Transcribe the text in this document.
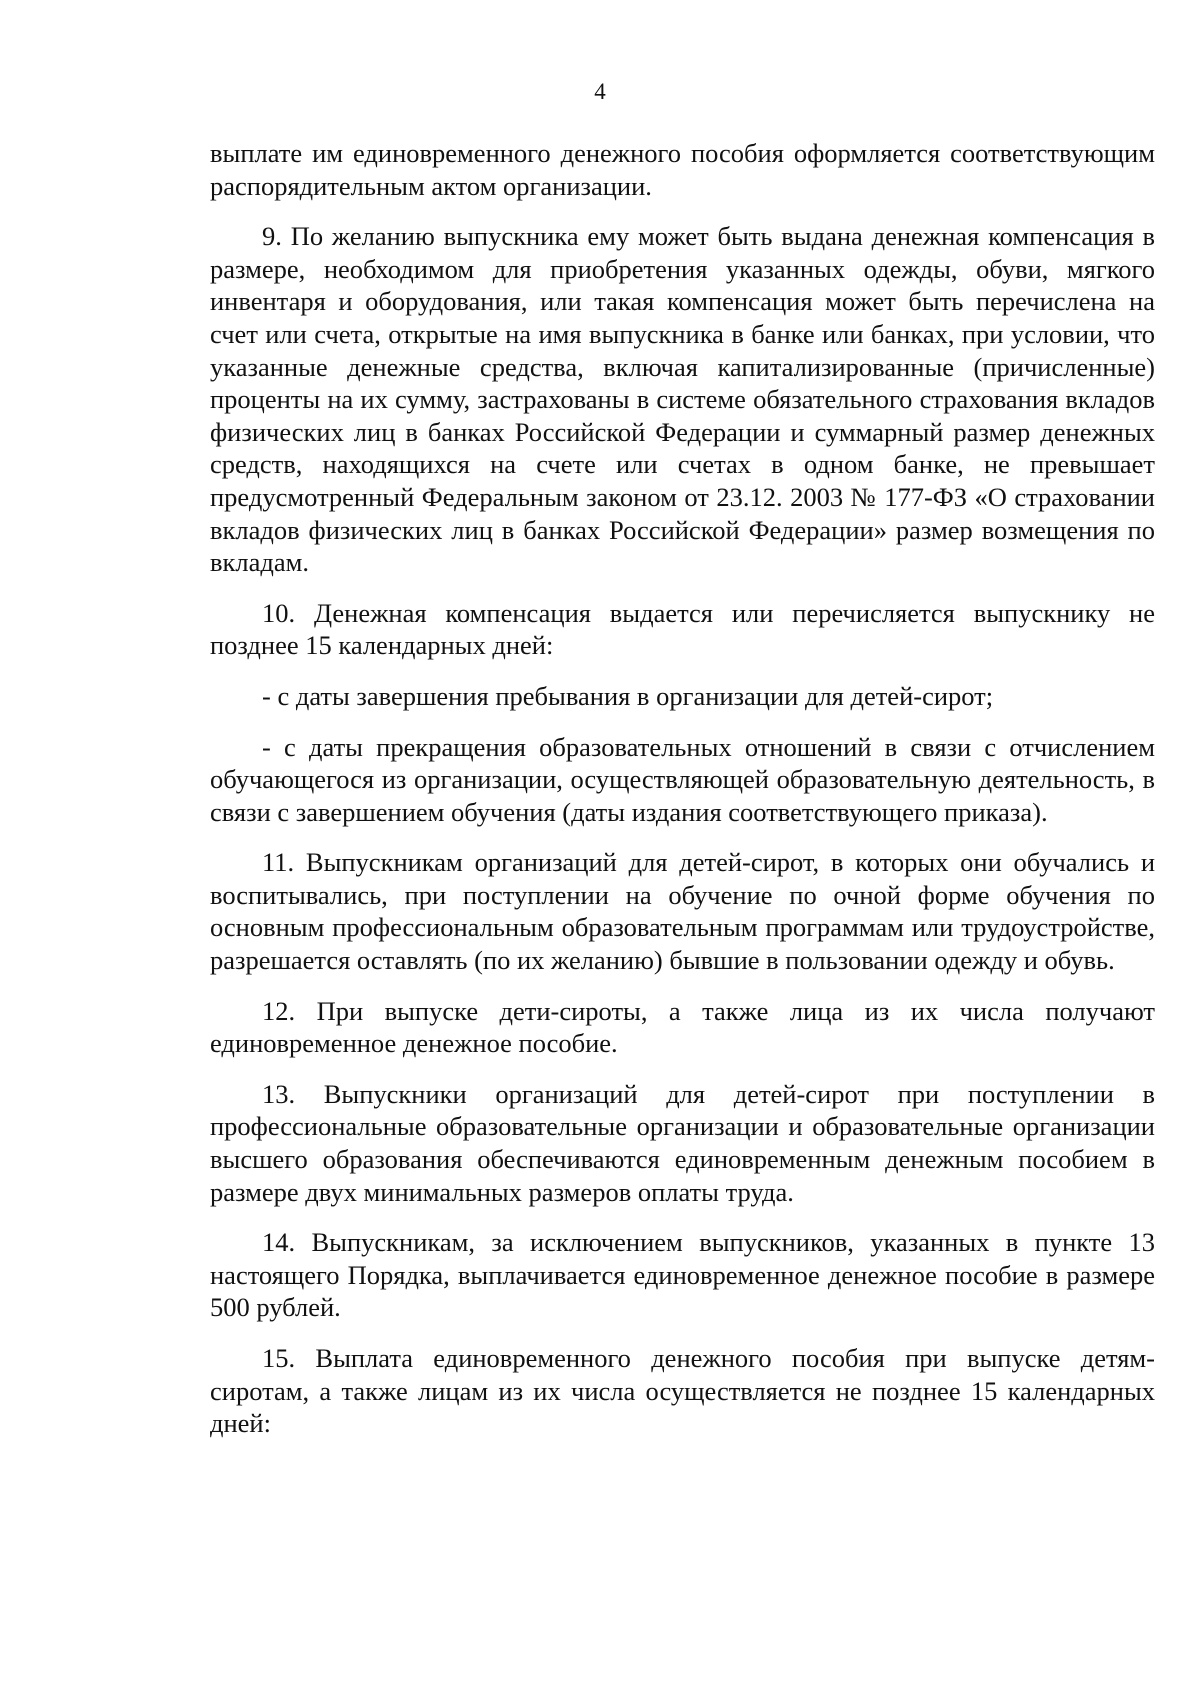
4

выплате им единовременного денежного пособия оформляется соответствующим распорядительным актом организации.

9. По желанию выпускника ему может быть выдана денежная компенсация в размере, необходимом для приобретения указанных одежды, обуви, мягкого инвентаря и оборудования, или такая компенсация может быть перечислена на счет или счета, открытые на имя выпускника в банке или банках, при условии, что указанные денежные средства, включая капитализированные (причисленные) проценты на их сумму, застрахованы в системе обязательного страхования вкладов физических лиц в банках Российской Федерации и суммарный размер денежных средств, находящихся на счете или счетах в одном банке, не превышает предусмотренный Федеральным законом от 23.12. 2003 № 177-ФЗ «О страховании вкладов физических лиц в банках Российской Федерации» размер возмещения по вкладам.

10. Денежная компенсация выдается или перечисляется выпускнику не позднее 15 календарных дней:

- с даты завершения пребывания в организации для детей-сирот;

- с даты прекращения образовательных отношений в связи с отчислением обучающегося из организации, осуществляющей образовательную деятельность, в связи с завершением обучения (даты издания соответствующего приказа).

11. Выпускникам организаций для детей-сирот, в которых они обучались и воспитывались, при поступлении на обучение по очной форме обучения по основным профессиональным образовательным программам или трудоустройстве, разрешается оставлять (по их желанию) бывшие в пользовании одежду и обувь.

12. При выпуске дети-сироты, а также лица из их числа получают единовременное денежное пособие.

13. Выпускники организаций для детей-сирот при поступлении в профессиональные образовательные организации и образовательные организации высшего образования обеспечиваются единовременным денежным пособием в размере двух минимальных размеров оплаты труда.

14. Выпускникам, за исключением выпускников, указанных в пункте 13 настоящего Порядка, выплачивается единовременное денежное пособие в размере 500 рублей.

15. Выплата единовременного денежного пособия при выпуске детям-сиротам, а также лицам из их числа осуществляется не позднее 15 календарных дней:
